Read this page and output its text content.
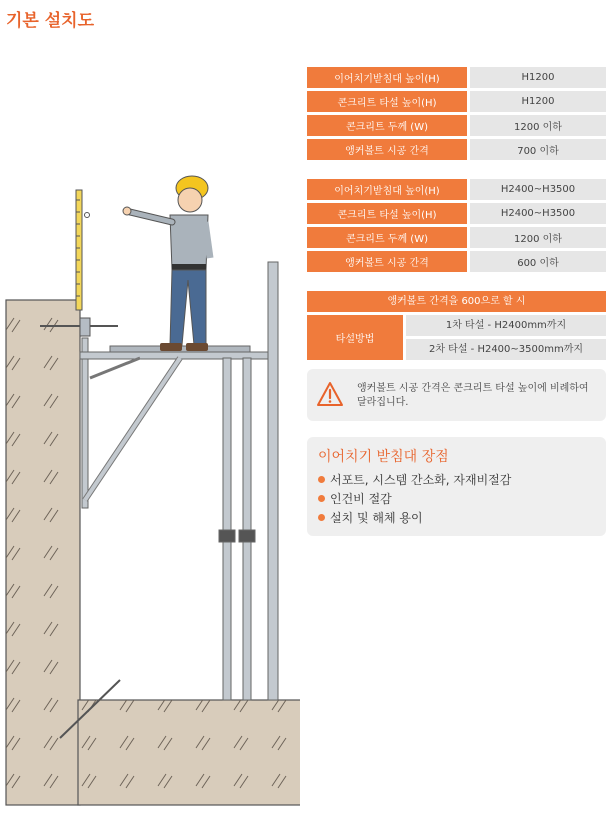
기본 설치도
이어치기받침대 높이(H)		H1200
콘크리트 타설 높이(H)		H1200
콘크리트 두께 (W)		1200 이하
앵커볼트 시공 간격		700 이하
이어치기받침대 높이(H)		H2400~H3500
콘크리트 타설 높이(H)		H2400~H3500
콘크리트 두께 (W)		1200 이하
앵커볼트 시공 간격		600 이하
앵커볼트 간격을 600으로 할 시
타설방법
1차 타설 - H2400mm까지
2차 타설 - H2400~3500mm까지
앵커볼트 시공 간격은 콘크리트 타설 높이에 비례하여 달라집니다.
이어치기 받침대 장점
서포트, 시스템 간소화, 자재비절감
인건비 절감
설치 및 해체 용이
